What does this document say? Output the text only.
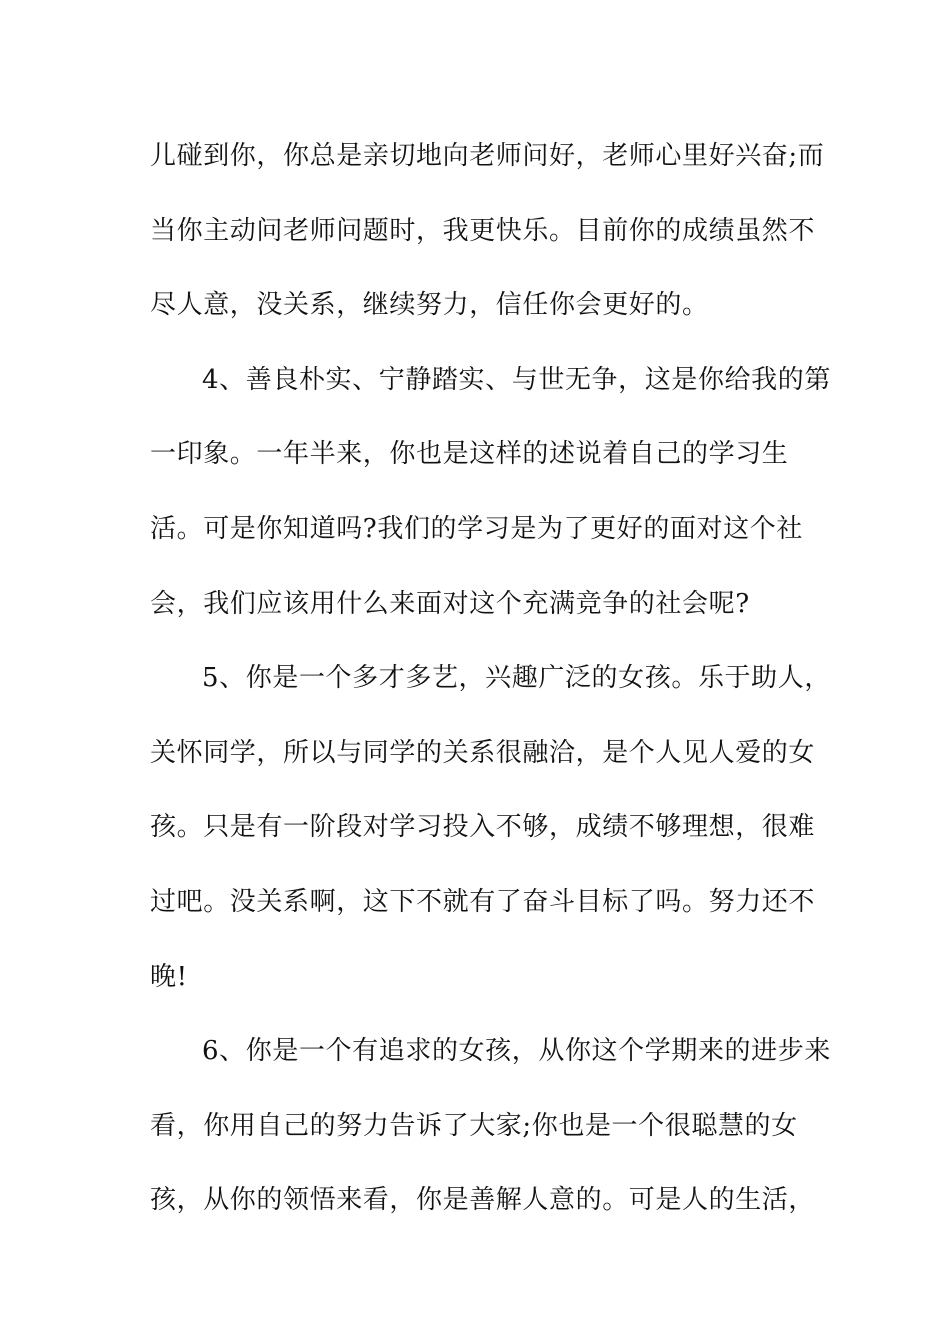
儿碰到你，你总是亲切地向老师问好，老师心里好兴奋;而
当你主动问老师问题时，我更快乐。目前你的成绩虽然不
尽人意，没关系，继续努力，信任你会更好的。
4、善良朴实、宁静踏实、与世无争，这是你给我的第
一印象。一年半来，你也是这样的述说着自己的学习生
活。可是你知道吗?我们的学习是为了更好的面对这个社
会，我们应该用什么来面对这个充满竞争的社会呢?
5、你是一个多才多艺，兴趣广泛的女孩。乐于助人，
关怀同学，所以与同学的关系很融洽，是个人见人爱的女
孩。只是有一阶段对学习投入不够，成绩不够理想，很难
过吧。没关系啊，这下不就有了奋斗目标了吗。努力还不
晚!
6、你是一个有追求的女孩，从你这个学期来的进步来
看，你用自己的努力告诉了大家;你也是一个很聪慧的女
孩，从你的领悟来看，你是善解人意的。可是人的生活，
